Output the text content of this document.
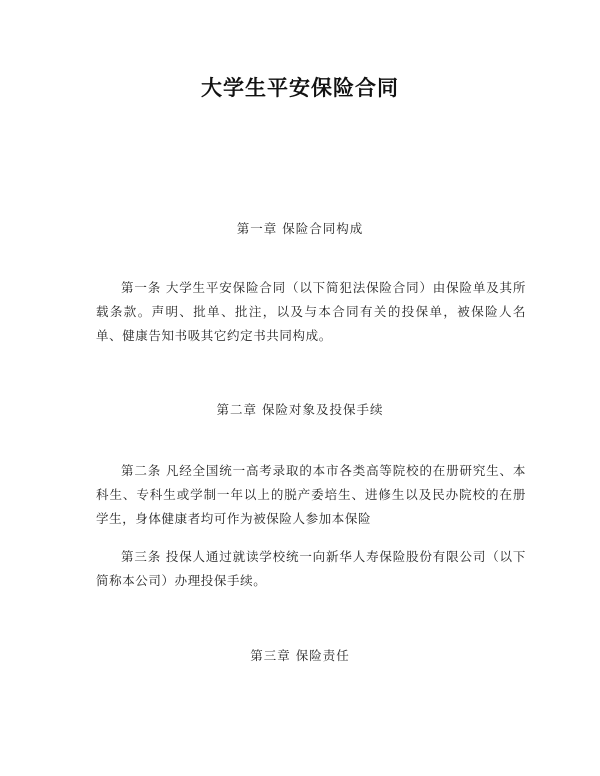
大学生平安保险合同
第一章 保险合同构成
第一条 大学生平安保险合同（以下简犯法保险合同）由保险单及其所载条款。声明、批单、批注，以及与本合同有关的投保单，被保险人名单、健康告知书吸其它约定书共同构成。
第二章 保险对象及投保手续
第二条 凡经全国统一高考录取的本市各类高等院校的在册研究生、本科生、专科生或学制一年以上的脱产委培生、进修生以及民办院校的在册学生，身体健康者均可作为被保险人参加本保险
第三条 投保人通过就读学校统一向新华人寿保险股份有限公司（以下简称本公司）办理投保手续。
第三章 保险责任
